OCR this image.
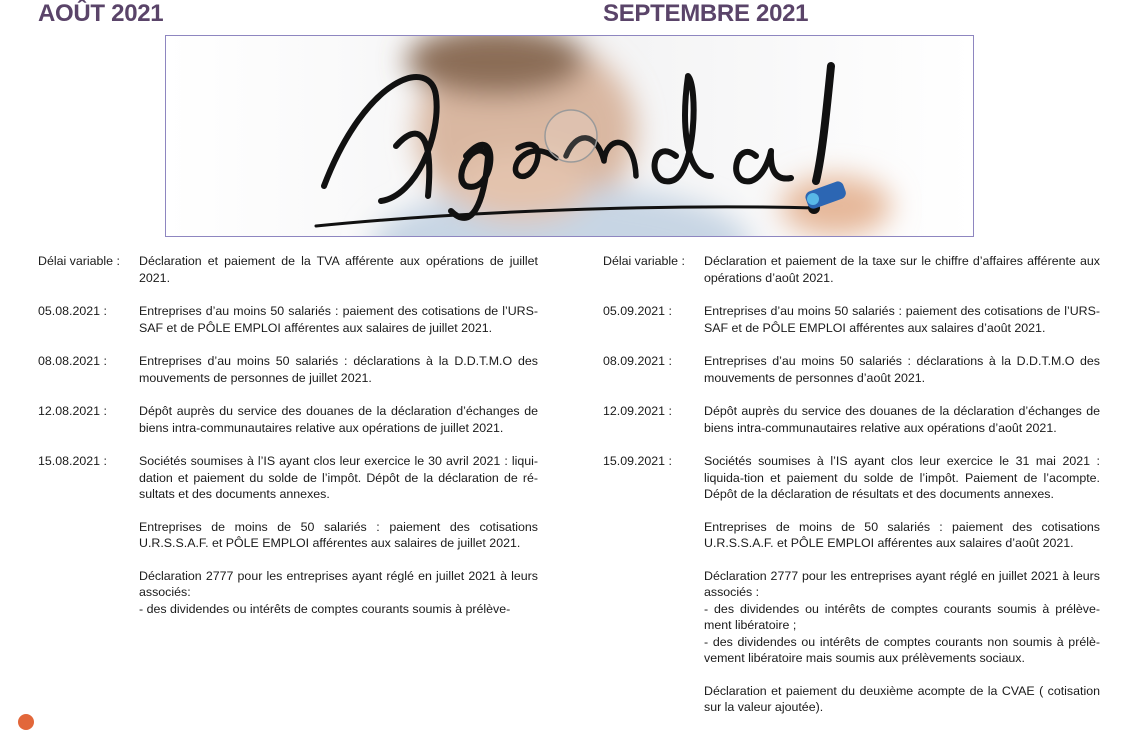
AOÛT 2021	SEPTEMBRE 2021
Délai variable :	Déclaration et paiement de la TVA afférente aux opérations de juillet 2021.

05.08.2021 :	Entreprises d’au moins 50 salariés : paiement des cotisations de l’URS-SAF et de PÔLE EMPLOI afférentes aux salaires de juillet 2021.

08.08.2021 :	Entreprises d’au moins 50 salariés : déclarations à la D.D.T.M.O des mouvements de personnes de juillet 2021.

12.08.2021 :	Dépôt auprès du service des douanes de la déclaration d’échanges de biens intra-communautaires relative aux opérations de juillet 2021.

15.08.2021 :	Sociétés soumises à l’IS ayant clos leur exercice le 30 avril 2021 : liqui-dation et paiement du solde de l’impôt. Dépôt de la déclaration de ré-sultats et des documents annexes.

Entreprises de moins de 50 salariés : paiement des cotisations U.R.S.S.A.F. et PÔLE EMPLOI afférentes aux salaires de juillet 2021.

Déclaration 2777 pour les entreprises ayant réglé en juillet 2021 à leurs associés:
- des dividendes ou intérêts de comptes courants soumis à prélève-

Délai variable :	Déclaration et paiement de la taxe sur le chiffre d’affaires afférente aux opérations d’août 2021.

05.09.2021 :	Entreprises d’au moins 50 salariés : paiement des cotisations de l’URS-SAF et de PÔLE EMPLOI afférentes aux salaires d’août 2021.

08.09.2021 :	Entreprises d’au moins 50 salariés : déclarations à la D.D.T.M.O des mouvements de personnes d’août 2021.

12.09.2021 :	Dépôt auprès du service des douanes de la déclaration d’échanges de biens intra-communautaires relative aux opérations d’août 2021.

15.09.2021 :	Sociétés soumises à l’IS ayant clos leur exercice le 31 mai 2021 : liquida-tion et paiement du solde de l’impôt. Paiement de l’acompte. Dépôt de la déclaration de résultats et des documents annexes.

Entreprises de moins de 50 salariés : paiement des cotisations U.R.S.S.A.F. et PÔLE EMPLOI afférentes aux salaires d’août 2021.

Déclaration 2777 pour les entreprises ayant réglé en juillet 2021 à leurs associés :
- des dividendes ou intérêts de comptes courants soumis à prélève-ment libératoire ;
- des dividendes ou intérêts de comptes courants non soumis à prélè-vement libératoire mais soumis aux prélèvements sociaux.

Déclaration et paiement du deuxième acompte de la CVAE ( cotisation sur la valeur ajoutée).
